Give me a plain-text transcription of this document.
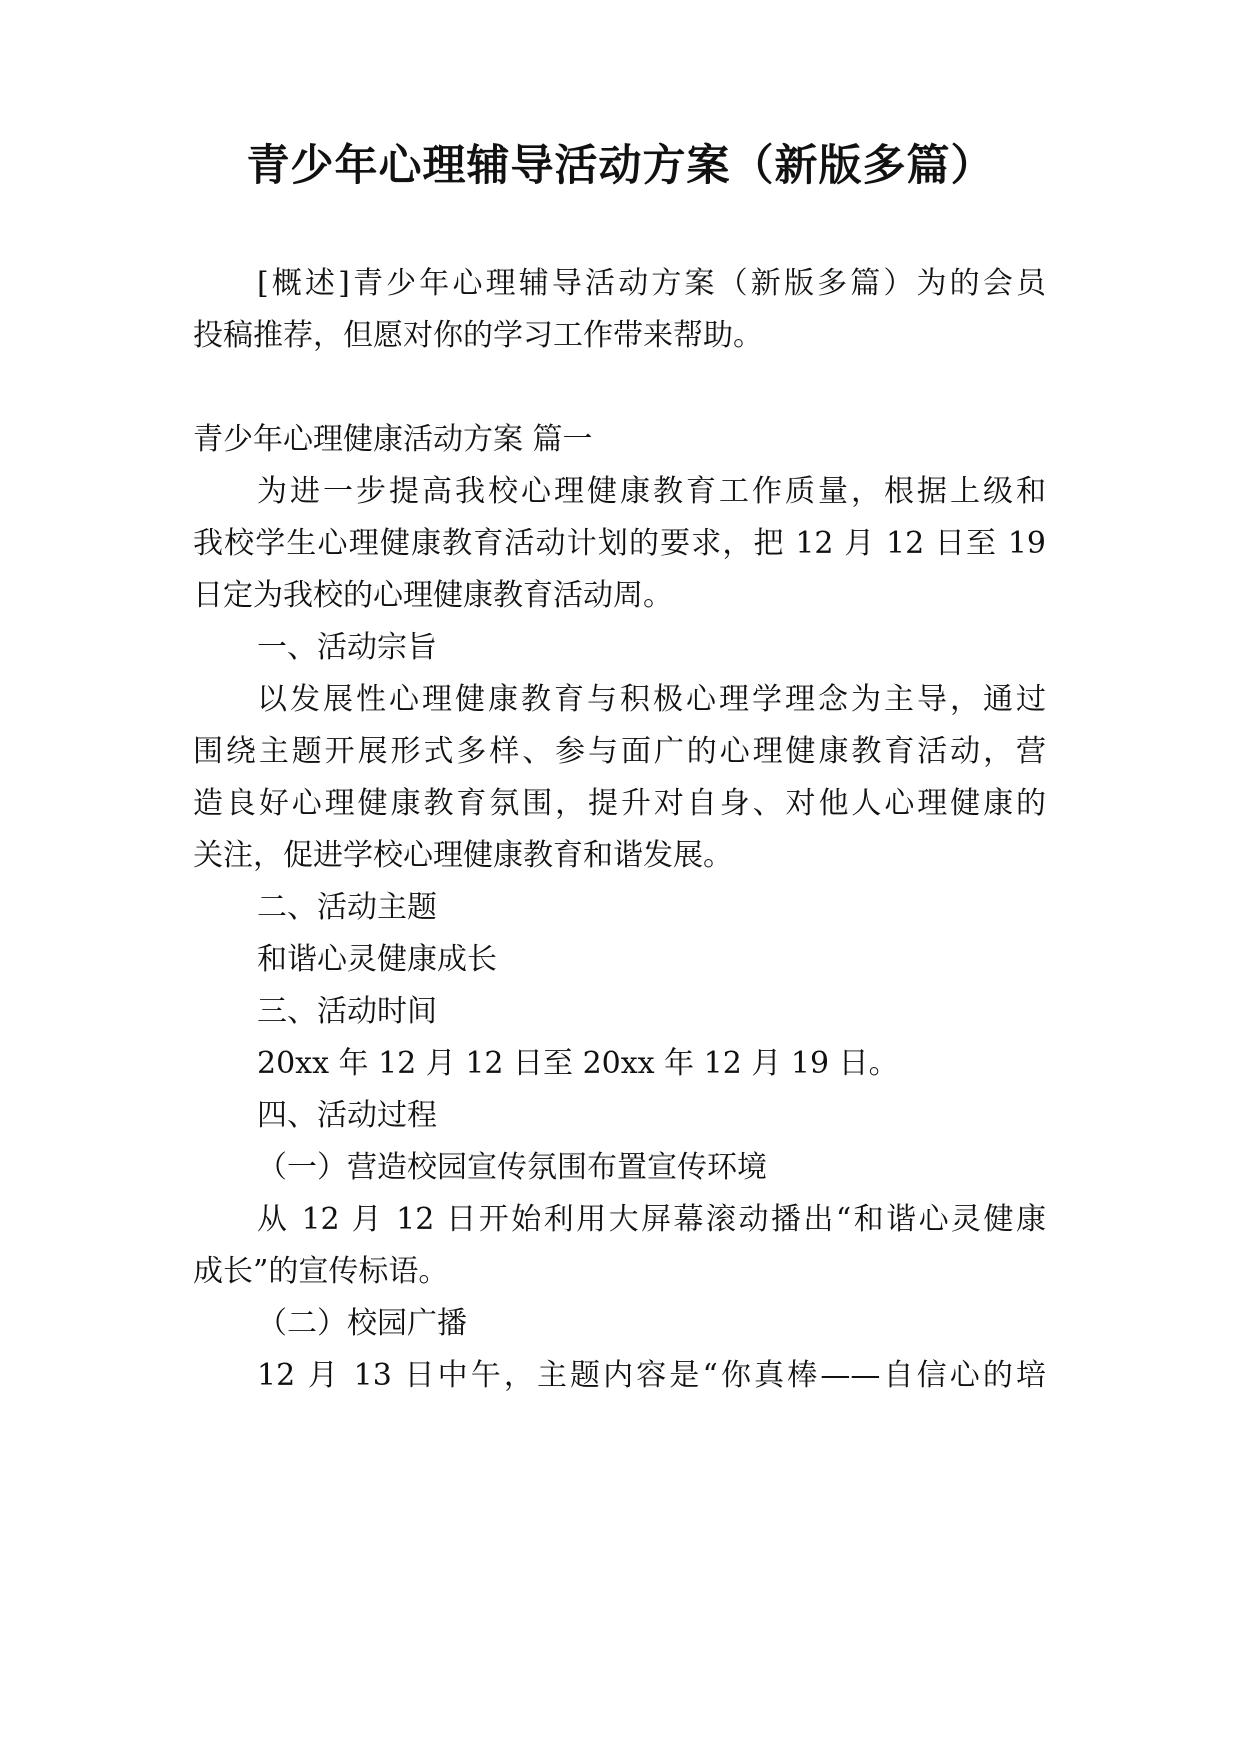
青少年心理辅导活动方案（新版多篇）
[概述]青少年心理辅导活动方案（新版多篇）为的会员
投稿推荐，但愿对你的学习工作带来帮助。
青少年心理健康活动方案 篇一
为进一步提高我校心理健康教育工作质量，根据上级和
我校学生心理健康教育活动计划的要求，把 12 月 12 日至 19
日定为我校的心理健康教育活动周。
一、活动宗旨
以发展性心理健康教育与积极心理学理念为主导，通过
围绕主题开展形式多样、参与面广的心理健康教育活动，营
造良好心理健康教育氛围，提升对自身、对他人心理健康的
关注，促进学校心理健康教育和谐发展。
二、活动主题
和谐心灵健康成长
三、活动时间
20xx 年 12 月 12 日至 20xx 年 12 月 19 日。
四、活动过程
（一）营造校园宣传氛围布置宣传环境
从 12 月 12 日开始利用大屏幕滚动播出“和谐心灵健康
成长”的宣传标语。
（二）校园广播
12 月 13 日中午，主题内容是“你真棒——自信心的培
